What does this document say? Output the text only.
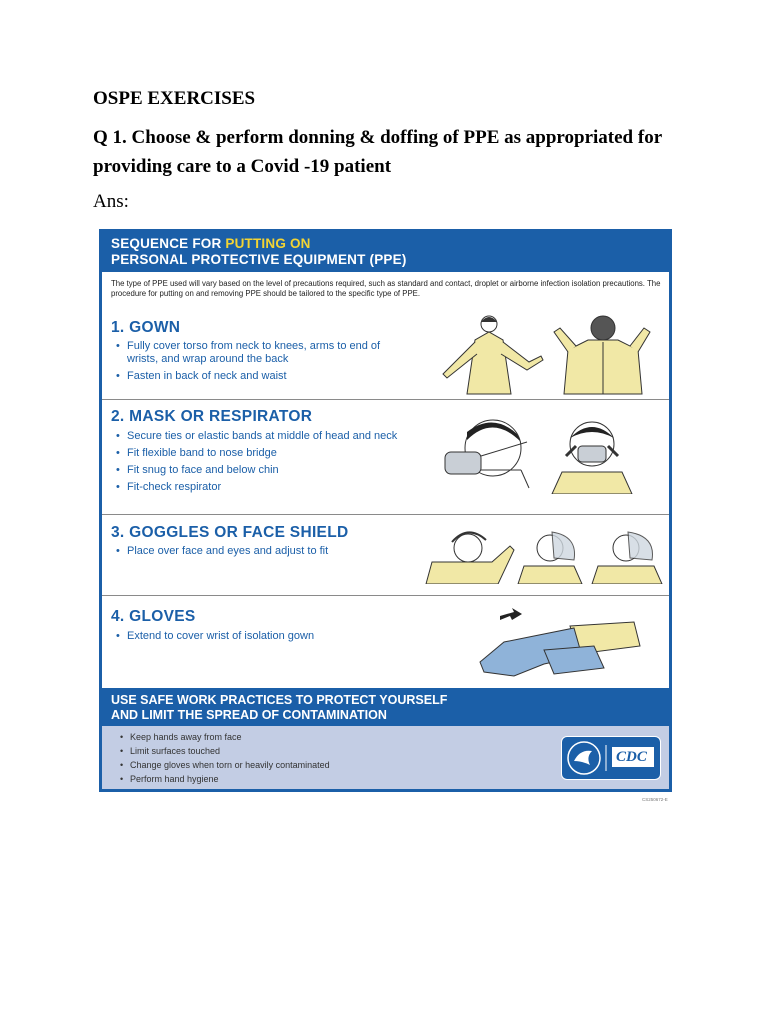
OSPE EXERCISES
Q 1. Choose & perform donning & doffing of PPE as appropriated for providing care to a Covid -19 patient
Ans:
SEQUENCE FOR PUTTING ON
PERSONAL PROTECTIVE EQUIPMENT (PPE)
The type of PPE used will vary based on the level of precautions required, such as standard and contact, droplet or airborne infection isolation precautions. The procedure for putting on and removing PPE should be tailored to the specific type of PPE.
1. GOWN
• Fully cover torso from neck to knees, arms to end of wrists, and wrap around the back
• Fasten in back of neck and waist
2. MASK OR RESPIRATOR
• Secure ties or elastic bands at middle of head and neck
• Fit flexible band to nose bridge
• Fit snug to face and below chin
• Fit-check respirator
3. GOGGLES OR FACE SHIELD
• Place over face and eyes and adjust to fit
4. GLOVES
• Extend to cover wrist of isolation gown
USE SAFE WORK PRACTICES TO PROTECT YOURSELF
AND LIMIT THE SPREAD OF CONTAMINATION
• Keep hands away from face
• Limit surfaces touched
• Change gloves when torn or heavily contaminated
• Perform hand hygiene
CDC
CS250672-E
